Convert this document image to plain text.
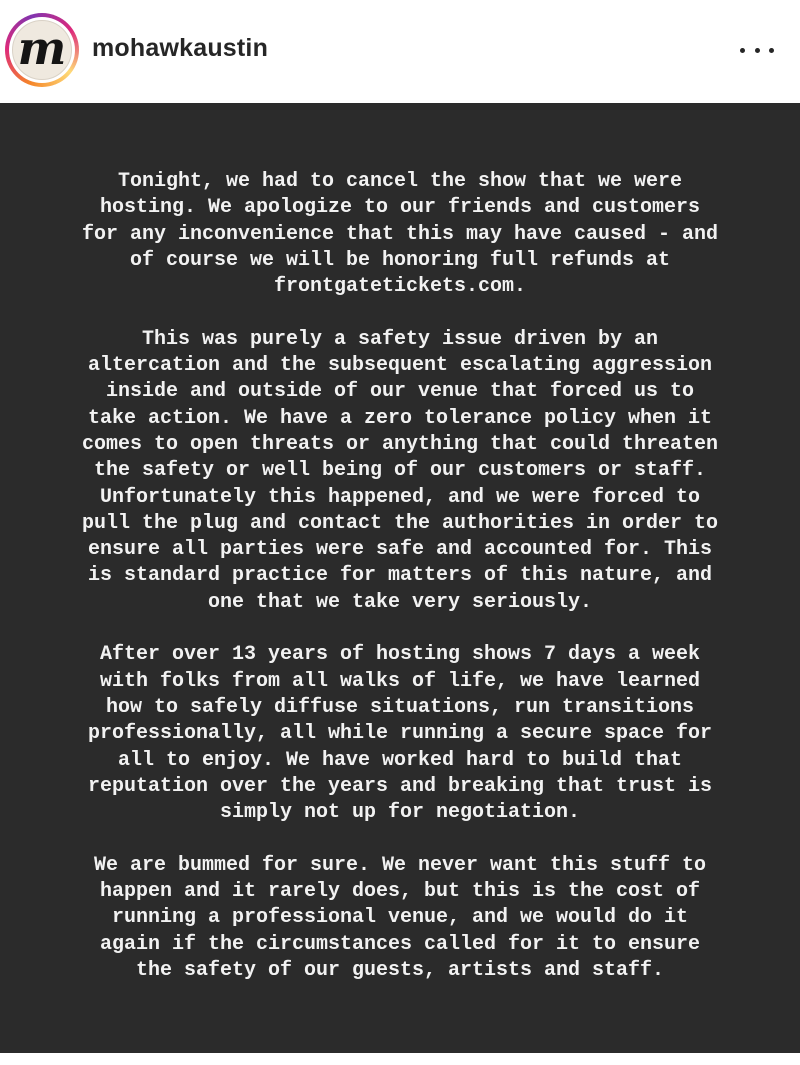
m mohawkaustin

Tonight, we had to cancel the show that we were
hosting. We apologize to our friends and customers
for any inconvenience that this may have caused - and
of course we will be honoring full refunds at
frontgatetickets.com.

This was purely a safety issue driven by an
altercation and the subsequent escalating aggression
inside and outside of our venue that forced us to
take action. We have a zero tolerance policy when it
comes to open threats or anything that could threaten
the safety or well being of our customers or staff.
Unfortunately this happened, and we were forced to
pull the plug and contact the authorities in order to
ensure all parties were safe and accounted for. This
is standard practice for matters of this nature, and
one that we take very seriously.

After over 13 years of hosting shows 7 days a week
with folks from all walks of life, we have learned
how to safely diffuse situations, run transitions
professionally, all while running a secure space for
all to enjoy. We have worked hard to build that
reputation over the years and breaking that trust is
simply not up for negotiation.

We are bummed for sure. We never want this stuff to
happen and it rarely does, but this is the cost of
running a professional venue, and we would do it
again if the circumstances called for it to ensure
the safety of our guests, artists and staff.
